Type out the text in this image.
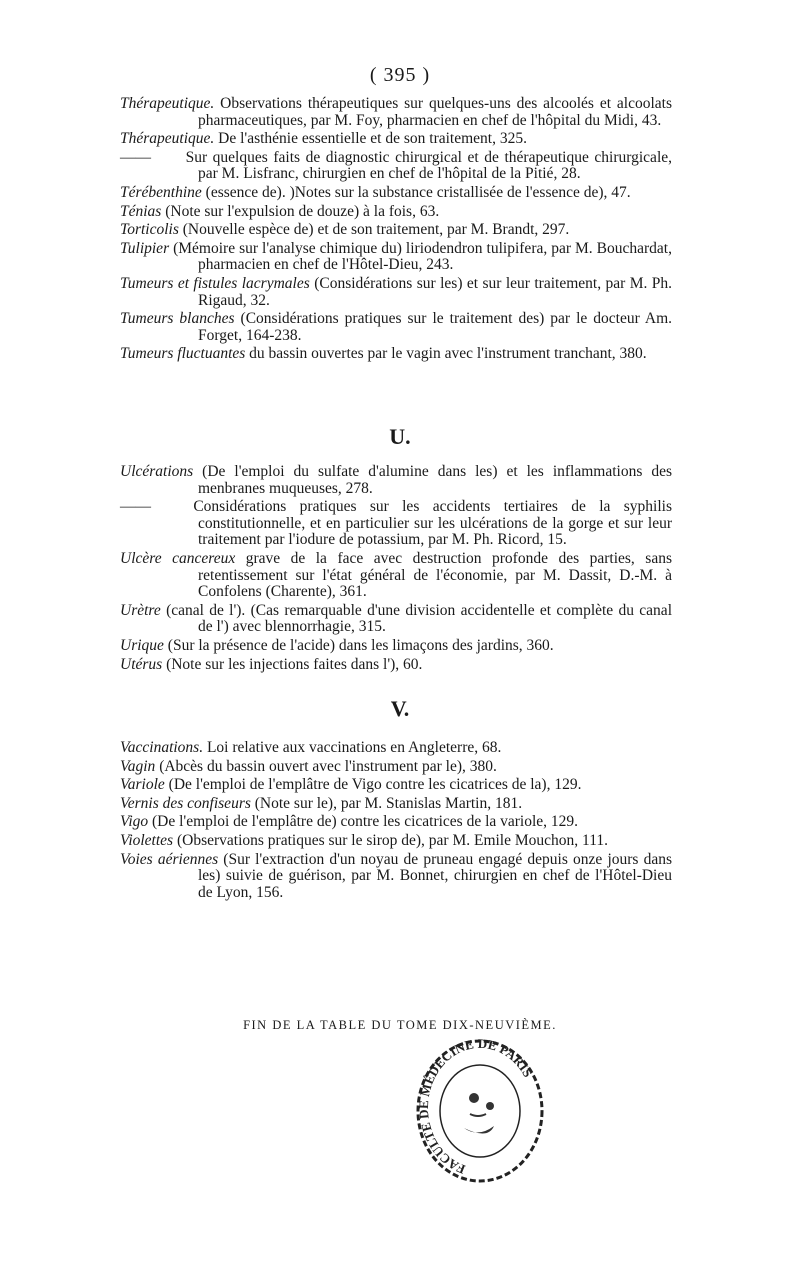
( 395 )

Thérapeutique. Observations thérapeutiques sur quelques-uns des alcoolés et alcoolats pharmaceutiques, par M. Foy, pharmacien en chef de l'hôpital du Midi, 43.

Thérapeutique. De l'asthénie essentielle et de son traitement, 325.

—— Sur quelques faits de diagnostic chirurgical et de thérapeutique chirurgicale, par M. Lisfranc, chirurgien en chef de l'hôpital de la Pitié, 28.

Térébenthine (essence de). )Notes sur la substance cristallisée de l'essence de), 47.

Ténias (Note sur l'expulsion de douze) à la fois, 63.

Torticolis (Nouvelle espèce de) et de son traitement, par M. Brandt, 297.

Tulipier (Mémoire sur l'analyse chimique du) liriodendron tulipifera, par M. Bouchardat, pharmacien en chef de l'Hôtel-Dieu, 243.

Tumeurs et fistules lacrymales (Considérations sur les) et sur leur traitement, par M. Ph. Rigaud, 32.

Tumeurs blanches (Considérations pratiques sur le traitement des) par le docteur Am. Forget, 164-238.

Tumeurs fluctuantes du bassin ouvertes par le vagin avec l'instrument tranchant, 380.

U.

Ulcérations (De l'emploi du sulfate d'alumine dans les) et les inflammations des menbranes muqueuses, 278.

——	Considérations pratiques sur les accidents tertiaires de la syphilis constitutionnelle, et en particulier sur les ulcérations de la gorge et sur leur traitement par l'iodure de potassium, par M. Ph. Ricord, 15.

Ulcère cancereux grave de la face avec destruction profonde des parties, sans retentissement sur l'état général de l'économie, par M. Dassit, D.-M. à Confolens (Charente), 361.

Urètre (canal de l'). (Cas remarquable d'une division accidentelle et complète du canal de l') avec blennorrhagie, 315.

Urique (Sur la présence de l'acide) dans les limaçons des jardins, 360.

Utérus (Note sur les injections faites dans l'), 60.

V.

Vaccinations. Loi relative aux vaccinations en Angleterre, 68.

Vagin (Abcès du bassin ouvert avec l'instrument par le), 380.

Variole (De l'emploi de l'emplâtre de Vigo contre les cicatrices de la), 129.

Vernis des confiseurs (Note sur le), par M. Stanislas Martin, 181.

Vigo (De l'emploi de l'emplâtre de) contre les cicatrices de la variole, 129.

Violettes (Observations pratiques sur le sirop de), par M. Emile Mouchon, 111.

Voies aériennes (Sur l'extraction d'un noyau de pruneau engagé depuis onze jours dans les) suivie de guérison, par M. Bonnet, chirurgien en chef de l'Hôtel-Dieu de Lyon, 156.

FIN DE LA TABLE DU TOME DIX-NEUVIÈME.
FACULTÉ DE MÉDECINE DE PARIS
